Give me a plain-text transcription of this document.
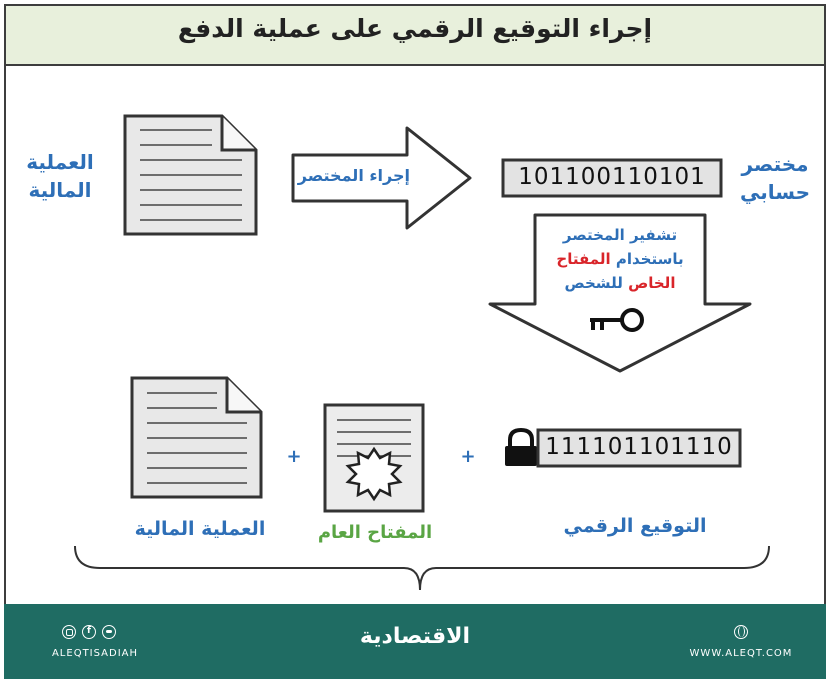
إجراء التوقيع الرقمي على عملية الدفع
العملية
المالية
إجراء المختصر	101100110101	مختصر
حسابي
تشفير المختصر
باستخدام المفتاح
الخاص للشخص
111101101110
+	+
التوقيع الرقمي
المفتاح العام
العملية المالية
f
ALEQTISADIAH
الاقتصادية
WWW.ALEQT.COM
